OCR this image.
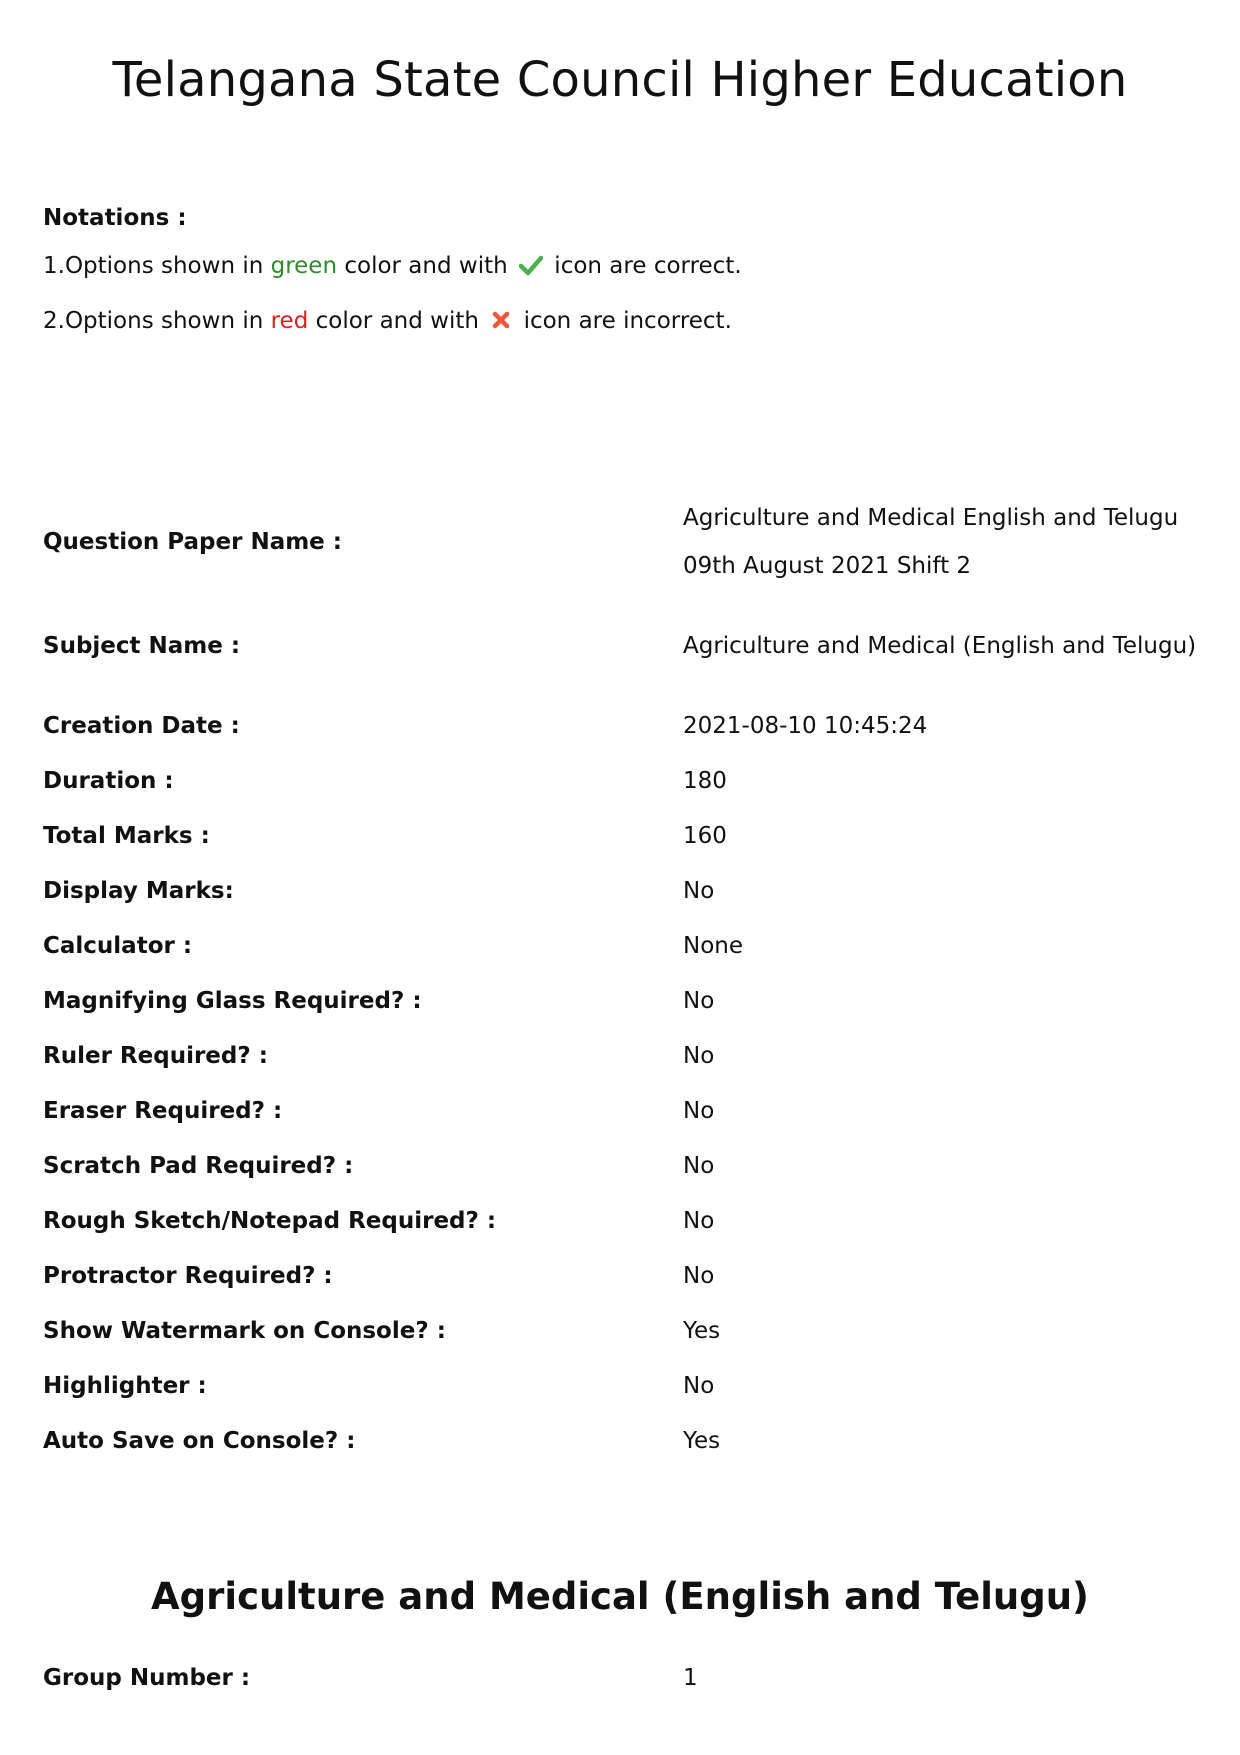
Telangana State Council Higher Education
Notations :
1.Options shown in green color and with  icon are correct.
2.Options shown in red color and with  icon are incorrect.
Question Paper Name :
Agriculture and Medical English and Telugu 09th August 2021 Shift 2
Subject Name :	Agriculture and Medical (English and Telugu)
Creation Date :	2021-08-10 10:45:24
Duration :	180
Total Marks :	160
Display Marks:	No
Calculator :	None
Magnifying Glass Required? :	No
Ruler Required? :	No
Eraser Required? :	No
Scratch Pad Required? :	No
Rough Sketch/Notepad Required? :	No
Protractor Required? :	No
Show Watermark on Console? :	Yes
Highlighter :	No
Auto Save on Console? :	Yes
Agriculture and Medical (English and Telugu)
Group Number :	1
